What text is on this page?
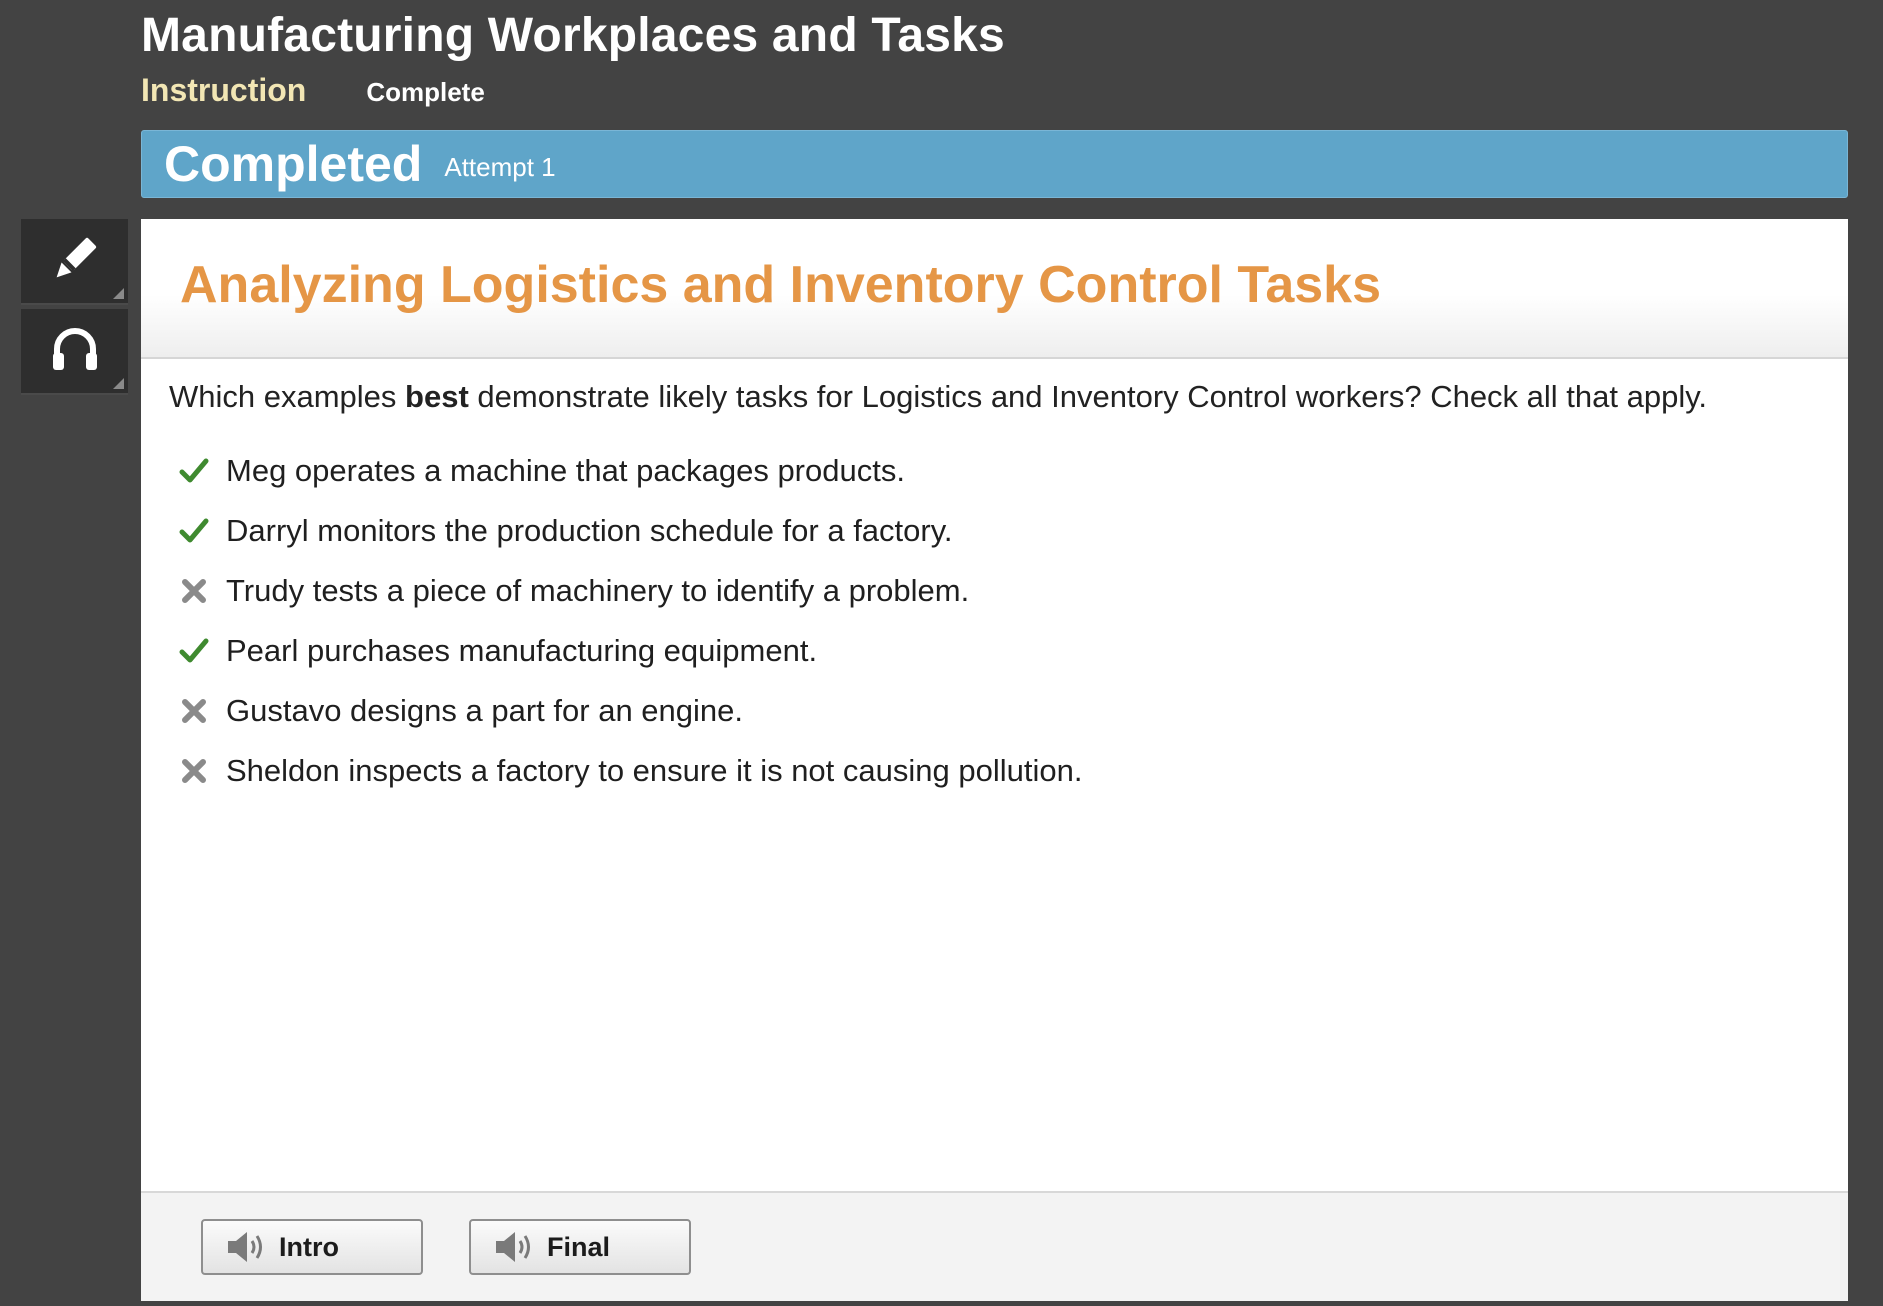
Manufacturing Workplaces and Tasks
Instruction Complete
Completed Attempt 1
Analyzing Logistics and Inventory Control Tasks
Which examples best demonstrate likely tasks for Logistics and Inventory Control workers? Check all that apply.
Meg operates a machine that packages products.
Darryl monitors the production schedule for a factory.
Trudy tests a piece of machinery to identify a problem.
Pearl purchases manufacturing equipment.
Gustavo designs a part for an engine.
Sheldon inspects a factory to ensure it is not causing pollution.
Intro	Final
